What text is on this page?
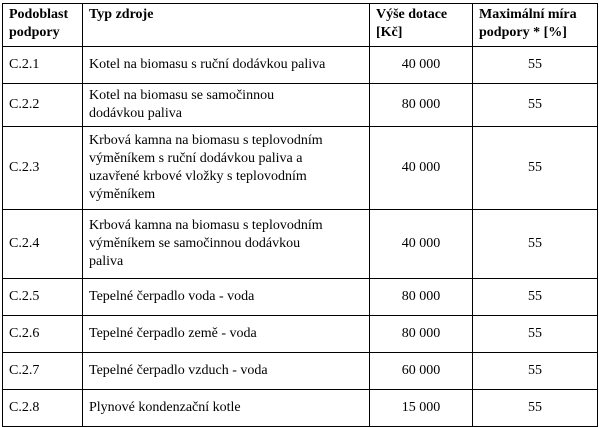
Podoblast
podpory	Typ zdroje	Výše dotace
[Kč]	Maximální míra
podpory * [%]
C.2.1	Kotel na biomasu s ruční dodávkou paliva	40 000	55
C.2.2	Kotel na biomasu se samočinnou
dodávkou paliva	80 000	55
C.2.3	Krbová kamna na biomasu s teplovodním
výměníkem s ruční dodávkou paliva a
uzavřené krbové vložky s teplovodním
výměníkem	40 000	55
C.2.4	Krbová kamna na biomasu s teplovodním
výměníkem se samočinnou dodávkou
paliva	40 000	55
C.2.5	Tepelné čerpadlo voda - voda	80 000	55
C.2.6	Tepelné čerpadlo země - voda	80 000	55
C.2.7	Tepelné čerpadlo vzduch - voda	60 000	55
C.2.8	Plynové kondenzační kotle	15 000	55
